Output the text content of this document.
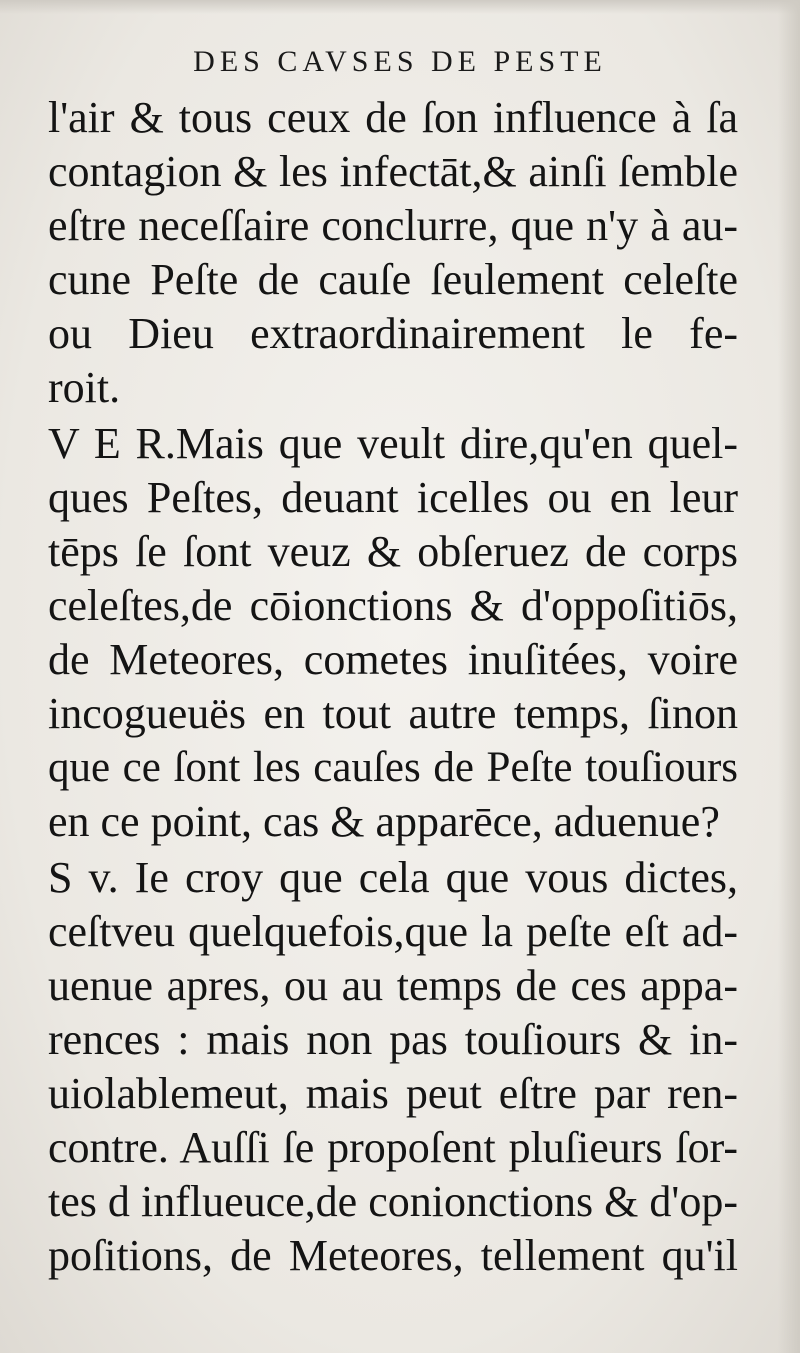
DES CAVSES DE PESTE
l'air & tous ceux de ſon influence à ſa
contagion & les infectāt,& ainſi ſemble
eſtre neceſſaire conclurre, que n'y à au-
cune Peſte de cauſe ſeulement celeſte
ou Dieu extraordinairement le fe-
roit.
V E R.Mais que veult dire,qu'en quel-
ques Peſtes, deuant icelles ou en leur
tēps ſe ſont veuz & obſeruez de corps
celeſtes,de cōionctions & d'oppoſitiōs,
de Meteores, cometes inuſitées, voire
incogueuës en tout autre temps, ſinon
que ce ſont les cauſes de Peſte touſiours
en ce point, cas & apparēce, aduenue?
S v. Ie croy que cela que vous dictes,
ceſtveu quelquefois,que la peſte eſt ad-
uenue apres, ou au temps de ces appa-
rences : mais non pas touſiours & in-
uiolablemeut, mais peut eſtre par ren-
contre. Auſſi ſe propoſent pluſieurs ſor-
tes d influeuce,de conionctions & d'op-
poſitions, de Meteores, tellement qu'il
